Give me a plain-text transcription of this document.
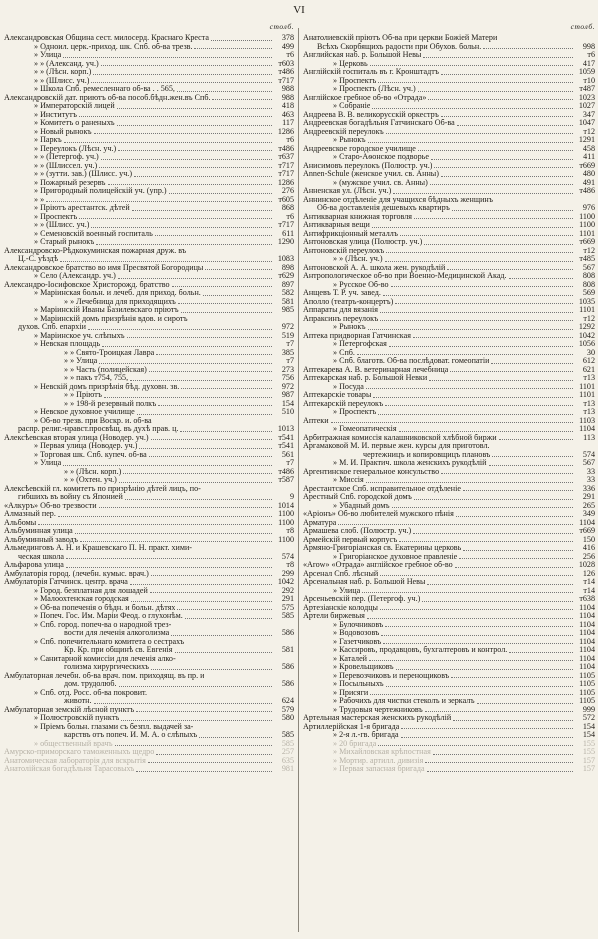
VI
столб.
Александровская Община сест. милосерд. Краснаго Креста	378
» Одноил. церк.-приход. шк. Спб. об-ва трезв.	499
» Улица	т6
» » (Александ. уч.)	т603
» » (Лѣсн. корп.)	т486
» » (Шлисс. уч.)	т717
» Школа Спб. ремесленнаго об-ва . . 565,	988
Александровскій дат. приютъ об-ва пособ.бѣдн.жен.въ Спб.	988
» Императорскій лицей	418
» Институтъ	463
» Комитетъ о раненыхъ	117
» Новый рынокъ	1286
» Паркъ	т6
» Переулокъ (Лѣсн. уч.)	т486
» » (Петергоф. уч.)	т637
» » (Шлиссел. уч.)	т717
» » (зутти. зав.) (Шлисс. уч.)	т717
» Пожарный резервъ	1286
» Пригородный полицейскій уч. (упр.)	276
» »	т605
» Пріютъ арестантск. дѣтей	868
» Проспектъ	т6
» » (Шлисс. уч.)	т717
» Семеновскій военный госпиталь	611
» Старый рынокъ	1290
Александровско-Рѣдкокуминская пожарная друж. въ
Ц.-С. уѣздѣ	1083
Александровское братство во имя Пресвятой Богородицы	898
» Село (Александр. уч.)	т629
Александро-Іосифовское Христорожд. братство	897
» Маріинская больн. и лечеб. для приход. больн.	582
» » Лечебница для приходящихъ	581
» Маріинскій Иваны Базилевскаго пріютъ	985
» Маріинскій домъ призрѣнія вдов. и сиротъ
духов. Спб. епархіи	972
» Маріинское уч. слѣпыхъ	519
» Невская площадь	т7
» » Свято-Троицкая Лавра	385
» » Улица	т7
» » Часть (полицейская)	273
» » пакъ т754, 755,	756
» Невскій домъ призрѣнія бѣд. духовн. зв.	972
» » Пріютъ	987
» » 198-й резервный полкъ	154
» Невское духовное училище	510
» Об-во трезв. при Воскр. и. об-ва
распр. религ.-нравст.просвѣщ. въ духѣ прав. ц.	1013
Алексѣевская вторая улица (Новодер. уч.)	т541
» Первая улица (Новодер. уч.)	т541
» Торговая шк. Спб. купеч. об-ва	561
» Улица	т7
» » (Лѣсн. корп.)	т486
» » (Охтен. уч.)	т587
Алексѣевскій гл. комитетъ по призрѣнію дѣтей лицъ, по-
гибшихъ въ войну съ Японией	9
«Алкуръ» Об-во трезвости	1014
Алмазный пер.	1100
Альбомы	1100
Альбуминная улица	т8
Альбуминный заводъ	1100
Альмединговъ А. Н. и Крашевскаго П. Н. практ. хими-
ческая школа	574
Альфарова улица	т8
Амбулаторія город. (лечебн. кумыс. врач.)	299
Амбулаторія Гатчинск. центр. врача	1042
» Город. безплатная для лошадей	292
» Малоохтенская городская	291
» Об-ва попеченія о бѣдн. и больн. дѣтях	575
» Попеч. Гос. Им. Маріи Феод. о глухонѣм.	585
» Спб. город. попеч-ва о народной трез-
вости для леченія алкоголизма	586
» Спб. попечительнаго комитета о сестрахъ
Кр. Кр. при общинѣ св. Евгенія	581
» Санитарной комиссіи для леченія алко-
голизма хирургическихъ	586
Амбулаторная лечебн. об-ва врач. пом. приходящ. въ пр. и
дом. трудолюб.	586
» Спб. отд. Росс. об-ва покровит.
животн.	624
Амбулаторная земскій лѣсной пунктъ	579
» Полюстровскій пунктъ	580
» Пріемъ больн. глазами съ безпл. выдачей за-
карствъ отъ попеч. И. М. А. о слѣпыхъ	585
» общественный врачъ	585
Амурско-приморскаго таможенныхъ щедро	257
Анатомическая лабораторія для вскрытія	635
Анатолійская богадѣльня Тарасовыхъ	981
столб.
Анатолиевскій пріютъ Об-ва при церкви Божіей Матери
Всѣхъ Скорбящихъ радости при Обухов. больн.	998
Английская наб. р. Большой Невы	т6
» Церковь	417
Англійскій госпиталь въ г. Кронштадтъ	1059
» Проспектъ	т10
» Проспектъ (Лѣсн. уч.)	т487
Англійское гребное об-во «Отрада»	1023
» Собраніе	1027
Андреева В. В. великорусскій оркестръ	347
Андреевская богадѣльня Гатчинскаго Об-ва	1047
Андреевскій переулокъ	т12
» Рынокъ	1291
Андреевское городское училище	458
» Старо-Аѳонское подворье	411
Анисимовъ переулокъ (Полюстр. уч.)	т669
Annen-Schule (женское учил. св. Анны)	480
» (мужское учил. св. Анны)	491
Анненская ул. (Лѣсн. уч.)	т486
Аннинское отдѣленіе для учащихся бѣдныхъ женщинъ
Об-ва доставленія дешевыхъ квартиръ	976
Антикварная книжная торговля	1100
Антикварныя вещи	1100
Антифрикціонный металлъ	1101
Антоновская улица (Полюстр. уч.)	т669
Антоновскій переулокъ	т12
» » (Лѣсн. уч.)	т485
Антоновской А. А. школа жен. рукодѣлій	567
Антропологическое об-во при Военно-Медицинской Акад.	808
» Русское Об-во	808
Анщевъ Т. Р. уч. завед.	569
Аполло (театръ-концертъ)	1035
Аппараты для вязанія	1101
Апраксинъ переулокъ	т12
» Рынокъ	1292
Аптека придворная Гатчинская	1042
» Петергофская	1056
» Спб.	30
» Спб. благотв. Об-ва послѣдоват. гомеопатіи	612
Аптекарева А. В. ветеринарная лечебница	621
Аптекарская наб. р. Большой Невки	т13
» Посуда	1101
Аптекарскіе товары	1101
Аптекарскій переулокъ	т13
» Проспектъ	т13
Аптеки	1103
» Гомеопатическія	1104
Арбитражная комиссія калашниковской хлѣбной биржи	113
Аргамаковой М. И. первые жен. курсы для приготовл.
чертежницъ и копировщицъ плановъ	574
» М. И. Практич. школа женскихъ рукодѣлій	567
Аргентинское генеральное консульство	33
» Миссія	33
Арестантское Спб. исправительное отдѣленіе	336
Арестный Спб. городской домъ	291
» Убадный домъ	265
«Аріонъ» Об-во любителей мужского пѣнія	349
Арматура	1104
Армашева слоб. (Полюстр. уч.)	т669
Армейскій первый корпусъ	150
Армяно-Григоріанская св. Екатерины церковь	416
» Григоріанское духовное правленіе	256
«Arow» «Отрада» англійское гребное об-во	1028
Арсенал Спб. лѣсный	126
Арсенальная наб. р. Большой Невы	т14
» Улица	т14
Арсеньевскій пер. (Петергоф. уч.)	т638
Артезіанскіе колодцы	1104
Артели биржевыя	1104
» Булочниковъ	1104
» Водовозовъ	1104
» Газетчиковъ	1104
» Кассировъ, продавцовъ, бухгалтеровъ и контрол.	1104
» Каталей	1104
» Кровельщиковъ	1104
» Перевозчиковъ и перенощиковъ	1105
» Посыльныхъ	1105
» Присяги	1105
» Рабочихъ для чистки стеколъ и зеркалъ	1105
» Трудовыя чертежниковъ	999
Артельная мастерская женскихъ рукодѣлій	572
Артиллерійская 1-я бригада	154
» 2-я л.-гв. бригада	154
» 20 бригада	155
» Михайловская крѣпостная	155
» Мортир. артилл. дивизія	157
» Первая запасная бригада	157
